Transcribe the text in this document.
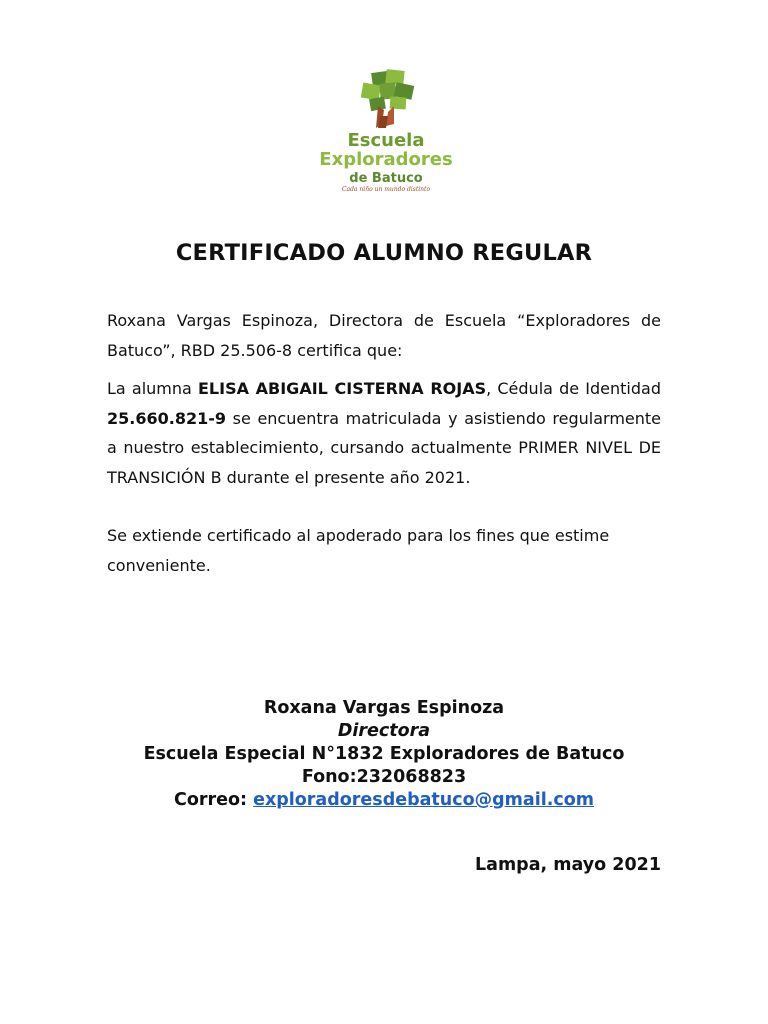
Escuela
Exploradores
de Batuco
Cada niño un mundo distinto
CERTIFICADO ALUMNO REGULAR

Roxana Vargas Espinoza, Directora de Escuela “Exploradores de Batuco”, RBD 25.506-8 certifica que:

La alumna ELISA ABIGAIL CISTERNA ROJAS, Cédula de Identidad 25.660.821-9 se encuentra matriculada y asistiendo regularmente a nuestro establecimiento, cursando actualmente PRIMER NIVEL DE TRANSICIÓN B durante el presente año 2021.

Se extiende certificado al apoderado para los fines que estime conveniente.

Roxana Vargas Espinoza
Directora
Escuela Especial N°1832 Exploradores de Batuco
Fono:232068823
Correo: exploradoresdebatuco@gmail.com
Lampa, mayo 2021
